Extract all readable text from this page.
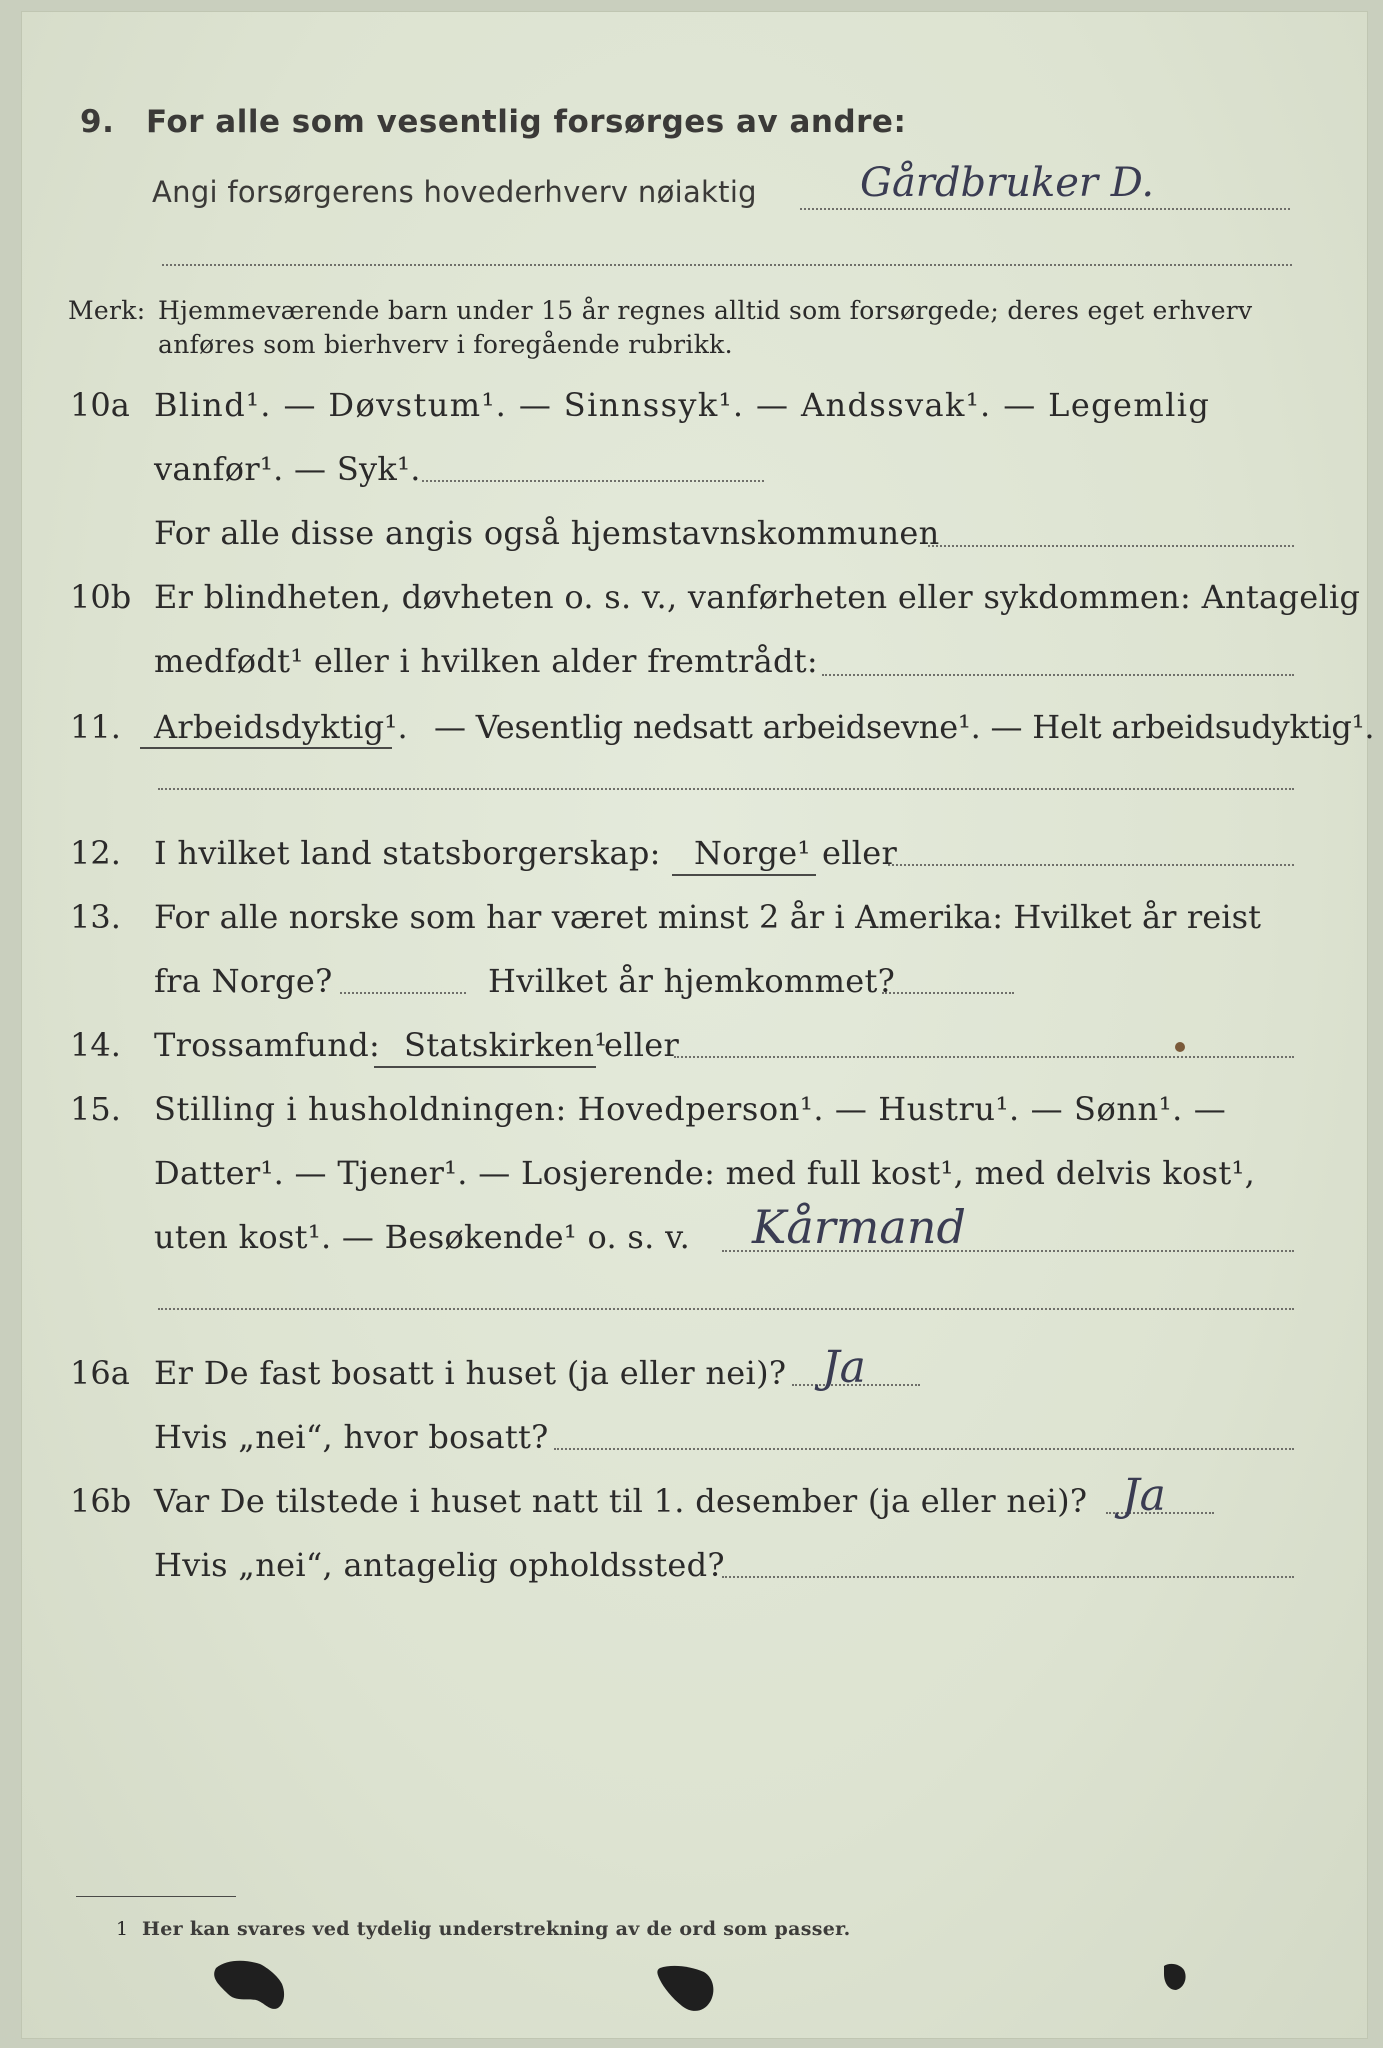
9. For alle som vesentlig forsørges av andre:
Angi forsørgerens hovederhverv nøiaktig	Gårdbruker D.
Merk: Hjemmeværende barn under 15 år regnes alltid som forsørgede; deres eget erhverv
anføres som bierhverv i foregående rubrikk.
10a Blind¹. — Døvstum¹. — Sinnssyk¹. — Andssvak¹. — Legemlig
vanfør¹. — Syk¹.
For alle disse angis også hjemstavnskommunen
10b Er blindheten, døvheten o. s. v., vanførheten eller sykdommen: Antagelig
medfødt¹ eller i hvilken alder fremtrådt:
11. Arbeidsdyktig¹. — Vesentlig nedsatt arbeidsevne¹. — Helt arbeidsudyktig¹.
12. I hvilket land statsborgerskap: Norge¹ eller
13. For alle norske som har været minst 2 år i Amerika: Hvilket år reist
fra Norge?	Hvilket år hjemkommet?
14. Trossamfund: Statskirken¹
eller
15. Stilling i husholdningen: Hovedperson¹. — Hustru¹. — Sønn¹. —
Datter¹. — Tjener¹. — Losjerende: med full kost¹, med delvis kost¹,
uten kost¹. — Besøkende¹ o. s. v. Kårmand
16a Er De fast bosatt i huset (ja eller nei)? Ja
Hvis „nei“, hvor bosatt?
16b Var De tilstede i huset natt til 1. desember (ja eller nei)? Ja
Hvis „nei“, antagelig opholdssted?
1 Her kan svares ved tydelig understrekning av de ord som passer.
